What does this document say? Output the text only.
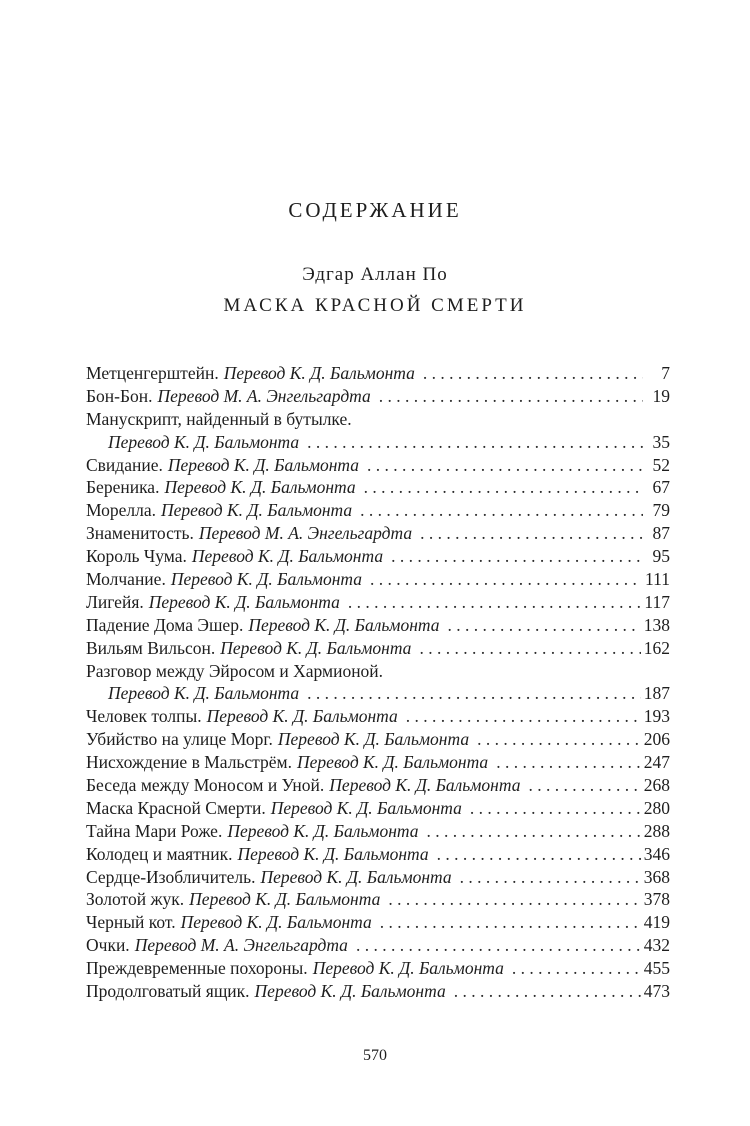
СОДЕРЖАНИЕ
Эдгар Аллан По
МАСКА КРАСНОЙ СМЕРТИ
Метценгерштейн. Перевод К. Д. Бальмонта . . .	7
Бон-Бон. Перевод М. А. Энгельгардта . . .	19
Манускрипт, найденный в бутылке.
Перевод К. Д. Бальмонта . . .	35
Свидание. Перевод К. Д. Бальмонта . . .	52
Береника. Перевод К. Д. Бальмонта . . .	67
Морелла. Перевод К. Д. Бальмонта . . .	79
Знаменитость. Перевод М. А. Энгельгардта . . .	87
Король Чума. Перевод К. Д. Бальмонта . . .	95
Молчание. Перевод К. Д. Бальмонта . . .	111
Лигейя. Перевод К. Д. Бальмонта . . .	117
Падение Дома Эшер. Перевод К. Д. Бальмонта . . .	138
Вильям Вильсон. Перевод К. Д. Бальмонта . . .	162
Разговор между Эйросом и Хармионой.
Перевод К. Д. Бальмонта . . .	187
Человек толпы. Перевод К. Д. Бальмонта . . .	193
Убийство на улице Морг. Перевод К. Д. Бальмонта . . .	206
Нисхождение в Мальстрём. Перевод К. Д. Бальмонта . . .	247
Беседа между Моносом и Уной. Перевод К. Д. Бальмонта . . .	268
Маска Красной Смерти. Перевод К. Д. Бальмонта . . .	280
Тайна Мари Роже. Перевод К. Д. Бальмонта . . .	288
Колодец и маятник. Перевод К. Д. Бальмонта . . .	346
Сердце-Изобличитель. Перевод К. Д. Бальмонта . . .	368
Золотой жук. Перевод К. Д. Бальмонта . . .	378
Черный кот. Перевод К. Д. Бальмонта . . .	419
Очки. Перевод М. А. Энгельгардта . . .	432
Преждевременные похороны. Перевод К. Д. Бальмонта . . .	455
Продолговатый ящик. Перевод К. Д. Бальмонта . . .	473
570
